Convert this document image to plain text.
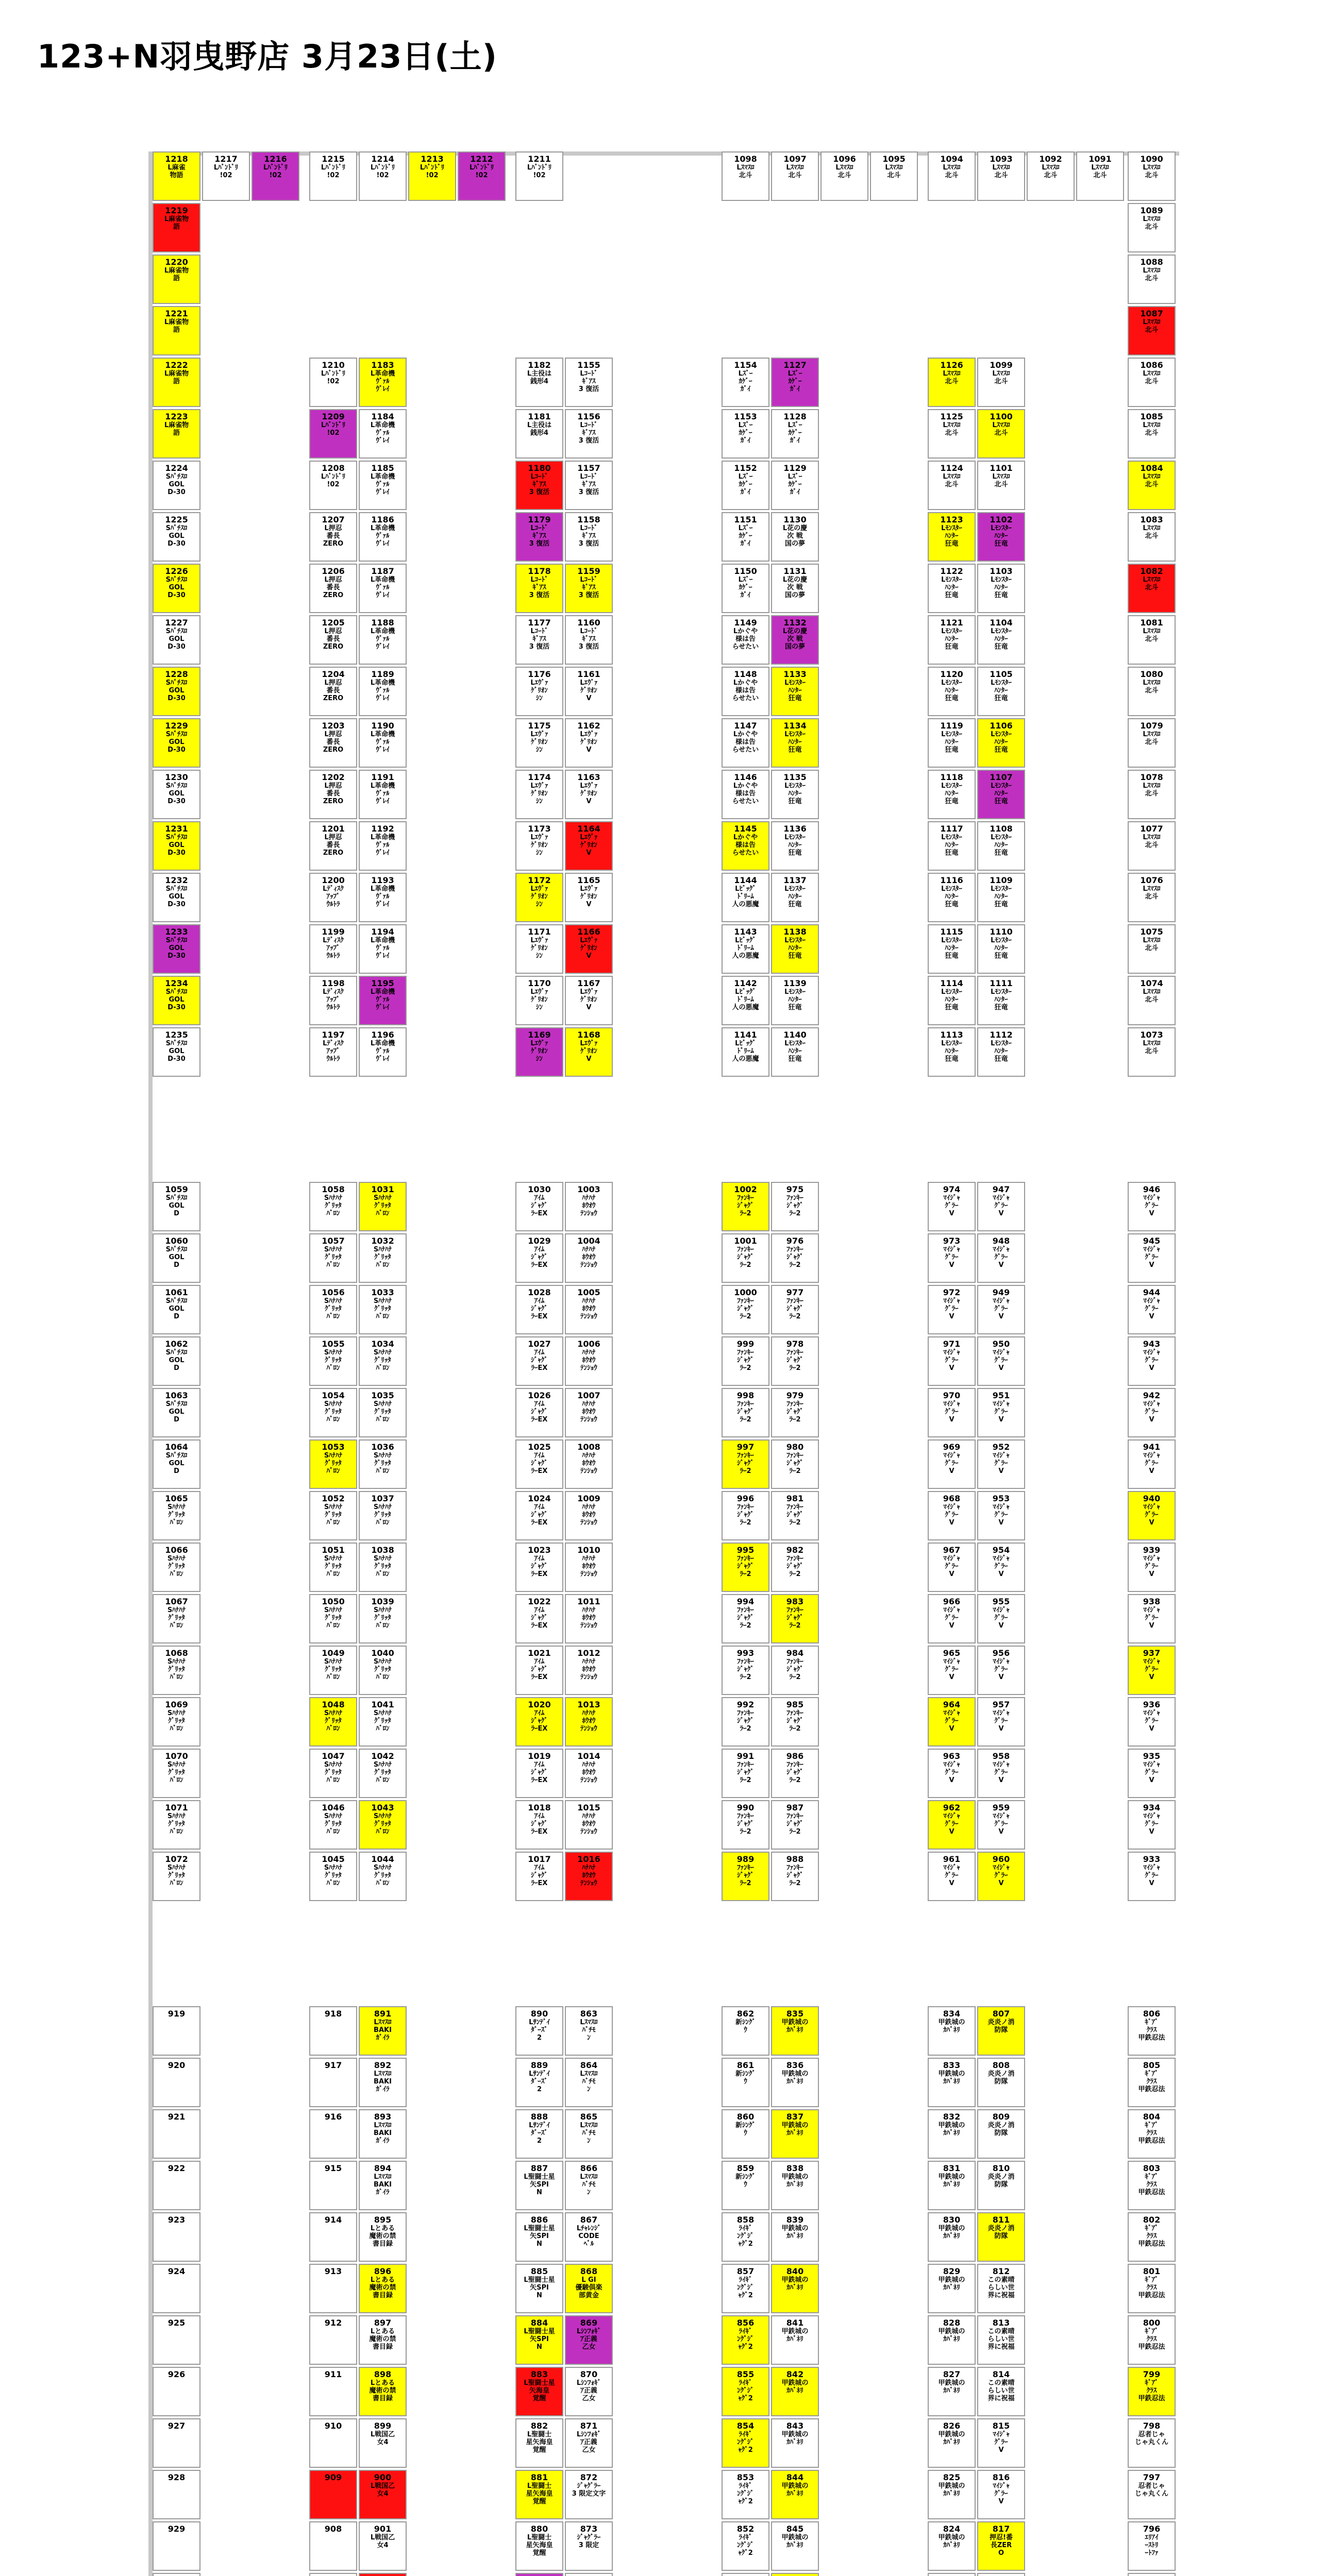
123+N羽曳野店 3月23日(土)
1218
L麻雀
物語
1217
Lﾊﾞﾝﾄﾞﾘ
!02
1216
Lﾊﾞﾝﾄﾞﾘ
!02
1215
Lﾊﾞﾝﾄﾞﾘ
!02
1214
Lﾊﾞﾝﾄﾞﾘ
!02
1213
Lﾊﾞﾝﾄﾞﾘ
!02
1212
Lﾊﾞﾝﾄﾞﾘ
!02
1211
Lﾊﾞﾝﾄﾞﾘ
!02
1098
Lｽﾏｽﾛ
北斗
1097
Lｽﾏｽﾛ
北斗
1096
Lｽﾏｽﾛ
北斗
1095
Lｽﾏｽﾛ
北斗
1094
Lｽﾏｽﾛ
北斗
1093
Lｽﾏｽﾛ
北斗
1092
Lｽﾏｽﾛ
北斗
1091
Lｽﾏｽﾛ
北斗
1090
Lｽﾏｽﾛ
北斗
1219
L麻雀物
語
1089
Lｽﾏｽﾛ
北斗
1220
L麻雀物
語
1088
Lｽﾏｽﾛ
北斗
1221
L麻雀物
語
1087
Lｽﾏｽﾛ
北斗
1222
L麻雀物
語
1210
Lﾊﾞﾝﾄﾞﾘ
!02
1183
L革命機
ｳﾞｧﾙ
ｳﾞﾚｲ
1182
L主役は
銭形4
1155
Lｺｰﾄﾞ
ｷﾞｱｽ
3 復活
1154
Lｽﾞｰ
ｶｹﾞｰ
ｶﾞｲ
1127
Lｽﾞｰ
ｶｹﾞｰ
ｶﾞｲ
1126
Lｽﾏｽﾛ
北斗
1099
Lｽﾏｽﾛ
北斗
1086
Lｽﾏｽﾛ
北斗
1223
L麻雀物
語
1209
Lﾊﾞﾝﾄﾞﾘ
!02
1184
L革命機
ｳﾞｧﾙ
ｳﾞﾚｲ
1181
L主役は
銭形4
1156
Lｺｰﾄﾞ
ｷﾞｱｽ
3 復活
1153
Lｽﾞｰ
ｶｹﾞｰ
ｶﾞｲ
1128
Lｽﾞｰ
ｶｹﾞｰ
ｶﾞｲ
1125
Lｽﾏｽﾛ
北斗
1100
Lｽﾏｽﾛ
北斗
1085
Lｽﾏｽﾛ
北斗
1224
Sﾊﾟﾁｽﾛ
GOL
D-30
1208
Lﾊﾞﾝﾄﾞﾘ
!02
1185
L革命機
ｳﾞｧﾙ
ｳﾞﾚｲ
1180
Lｺｰﾄﾞ
ｷﾞｱｽ
3 復活
1157
Lｺｰﾄﾞ
ｷﾞｱｽ
3 復活
1152
Lｽﾞｰ
ｶｹﾞｰ
ｶﾞｲ
1129
Lｽﾞｰ
ｶｹﾞｰ
ｶﾞｲ
1124
Lｽﾏｽﾛ
北斗
1101
Lｽﾏｽﾛ
北斗
1084
Lｽﾏｽﾛ
北斗
1225
Sﾊﾟﾁｽﾛ
GOL
D-30
1207
L押忍
番長
ZERO
1186
L革命機
ｳﾞｧﾙ
ｳﾞﾚｲ
1179
Lｺｰﾄﾞ
ｷﾞｱｽ
3 復活
1158
Lｺｰﾄﾞ
ｷﾞｱｽ
3 復活
1151
Lｽﾞｰ
ｶｹﾞｰ
ｶﾞｲ
1130
L花の慶
次 戦
国の夢
1123
Lﾓﾝｽﾀｰ
ﾊﾝﾀｰ
狂竜
1102
Lﾓﾝｽﾀｰ
ﾊﾝﾀｰ
狂竜
1083
Lｽﾏｽﾛ
北斗
1226
Sﾊﾟﾁｽﾛ
GOL
D-30
1206
L押忍
番長
ZERO
1187
L革命機
ｳﾞｧﾙ
ｳﾞﾚｲ
1178
Lｺｰﾄﾞ
ｷﾞｱｽ
3 復活
1159
Lｺｰﾄﾞ
ｷﾞｱｽ
3 復活
1150
Lｽﾞｰ
ｶｹﾞｰ
ｶﾞｲ
1131
L花の慶
次 戦
国の夢
1122
Lﾓﾝｽﾀｰ
ﾊﾝﾀｰ
狂竜
1103
Lﾓﾝｽﾀｰ
ﾊﾝﾀｰ
狂竜
1082
Lｽﾏｽﾛ
北斗
1227
Sﾊﾟﾁｽﾛ
GOL
D-30
1205
L押忍
番長
ZERO
1188
L革命機
ｳﾞｧﾙ
ｳﾞﾚｲ
1177
Lｺｰﾄﾞ
ｷﾞｱｽ
3 復活
1160
Lｺｰﾄﾞ
ｷﾞｱｽ
3 復活
1149
Lかぐや
様は告
らせたい
1132
L花の慶
次 戦
国の夢
1121
Lﾓﾝｽﾀｰ
ﾊﾝﾀｰ
狂竜
1104
Lﾓﾝｽﾀｰ
ﾊﾝﾀｰ
狂竜
1081
Lｽﾏｽﾛ
北斗
1228
Sﾊﾟﾁｽﾛ
GOL
D-30
1204
L押忍
番長
ZERO
1189
L革命機
ｳﾞｧﾙ
ｳﾞﾚｲ
1176
Lｴｳﾞｧ
ｹﾞﾘｵﾝ
ｼﾝ
1161
Lｴｳﾞｧ
ｹﾞﾘｵﾝ
V
1148
Lかぐや
様は告
らせたい
1133
Lﾓﾝｽﾀｰ
ﾊﾝﾀｰ
狂竜
1120
Lﾓﾝｽﾀｰ
ﾊﾝﾀｰ
狂竜
1105
Lﾓﾝｽﾀｰ
ﾊﾝﾀｰ
狂竜
1080
Lｽﾏｽﾛ
北斗
1229
Sﾊﾟﾁｽﾛ
GOL
D-30
1203
L押忍
番長
ZERO
1190
L革命機
ｳﾞｧﾙ
ｳﾞﾚｲ
1175
Lｴｳﾞｧ
ｹﾞﾘｵﾝ
ｼﾝ
1162
Lｴｳﾞｧ
ｹﾞﾘｵﾝ
V
1147
Lかぐや
様は告
らせたい
1134
Lﾓﾝｽﾀｰ
ﾊﾝﾀｰ
狂竜
1119
Lﾓﾝｽﾀｰ
ﾊﾝﾀｰ
狂竜
1106
Lﾓﾝｽﾀｰ
ﾊﾝﾀｰ
狂竜
1079
Lｽﾏｽﾛ
北斗
1230
Sﾊﾟﾁｽﾛ
GOL
D-30
1202
L押忍
番長
ZERO
1191
L革命機
ｳﾞｧﾙ
ｳﾞﾚｲ
1174
Lｴｳﾞｧ
ｹﾞﾘｵﾝ
ｼﾝ
1163
Lｴｳﾞｧ
ｹﾞﾘｵﾝ
V
1146
Lかぐや
様は告
らせたい
1135
Lﾓﾝｽﾀｰ
ﾊﾝﾀｰ
狂竜
1118
Lﾓﾝｽﾀｰ
ﾊﾝﾀｰ
狂竜
1107
Lﾓﾝｽﾀｰ
ﾊﾝﾀｰ
狂竜
1078
Lｽﾏｽﾛ
北斗
1231
Sﾊﾟﾁｽﾛ
GOL
D-30
1201
L押忍
番長
ZERO
1192
L革命機
ｳﾞｧﾙ
ｳﾞﾚｲ
1173
Lｴｳﾞｧ
ｹﾞﾘｵﾝ
ｼﾝ
1164
Lｴｳﾞｧ
ｹﾞﾘｵﾝ
V
1145
Lかぐや
様は告
らせたい
1136
Lﾓﾝｽﾀｰ
ﾊﾝﾀｰ
狂竜
1117
Lﾓﾝｽﾀｰ
ﾊﾝﾀｰ
狂竜
1108
Lﾓﾝｽﾀｰ
ﾊﾝﾀｰ
狂竜
1077
Lｽﾏｽﾛ
北斗
1232
Sﾊﾟﾁｽﾛ
GOL
D-30
1200
Lﾃﾞｨｽｸ
ｱｯﾌﾟ
ｳﾙﾄﾗ
1193
L革命機
ｳﾞｧﾙ
ｳﾞﾚｲ
1172
Lｴｳﾞｧ
ｹﾞﾘｵﾝ
ｼﾝ
1165
Lｴｳﾞｧ
ｹﾞﾘｵﾝ
V
1144
Lﾋﾞｯｸﾞ
ﾄﾞﾘｰﾑ
人の悪魔
1137
Lﾓﾝｽﾀｰ
ﾊﾝﾀｰ
狂竜
1116
Lﾓﾝｽﾀｰ
ﾊﾝﾀｰ
狂竜
1109
Lﾓﾝｽﾀｰ
ﾊﾝﾀｰ
狂竜
1076
Lｽﾏｽﾛ
北斗
1233
Sﾊﾟﾁｽﾛ
GOL
D-30
1199
Lﾃﾞｨｽｸ
ｱｯﾌﾟ
ｳﾙﾄﾗ
1194
L革命機
ｳﾞｧﾙ
ｳﾞﾚｲ
1171
Lｴｳﾞｧ
ｹﾞﾘｵﾝ
ｼﾝ
1166
Lｴｳﾞｧ
ｹﾞﾘｵﾝ
V
1143
Lﾋﾞｯｸﾞ
ﾄﾞﾘｰﾑ
人の悪魔
1138
Lﾓﾝｽﾀｰ
ﾊﾝﾀｰ
狂竜
1115
Lﾓﾝｽﾀｰ
ﾊﾝﾀｰ
狂竜
1110
Lﾓﾝｽﾀｰ
ﾊﾝﾀｰ
狂竜
1075
Lｽﾏｽﾛ
北斗
1234
Sﾊﾟﾁｽﾛ
GOL
D-30
1198
Lﾃﾞｨｽｸ
ｱｯﾌﾟ
ｳﾙﾄﾗ
1195
L革命機
ｳﾞｧﾙ
ｳﾞﾚｲ
1170
Lｴｳﾞｧ
ｹﾞﾘｵﾝ
ｼﾝ
1167
Lｴｳﾞｧ
ｹﾞﾘｵﾝ
V
1142
Lﾋﾞｯｸﾞ
ﾄﾞﾘｰﾑ
人の悪魔
1139
Lﾓﾝｽﾀｰ
ﾊﾝﾀｰ
狂竜
1114
Lﾓﾝｽﾀｰ
ﾊﾝﾀｰ
狂竜
1111
Lﾓﾝｽﾀｰ
ﾊﾝﾀｰ
狂竜
1074
Lｽﾏｽﾛ
北斗
1235
Sﾊﾟﾁｽﾛ
GOL
D-30
1197
Lﾃﾞｨｽｸ
ｱｯﾌﾟ
ｳﾙﾄﾗ
1196
L革命機
ｳﾞｧﾙ
ｳﾞﾚｲ
1169
Lｴｳﾞｧ
ｹﾞﾘｵﾝ
ｼﾝ
1168
Lｴｳﾞｧ
ｹﾞﾘｵﾝ
V
1141
Lﾋﾞｯｸﾞ
ﾄﾞﾘｰﾑ
人の悪魔
1140
Lﾓﾝｽﾀｰ
ﾊﾝﾀｰ
狂竜
1113
Lﾓﾝｽﾀｰ
ﾊﾝﾀｰ
狂竜
1112
Lﾓﾝｽﾀｰ
ﾊﾝﾀｰ
狂竜
1073
Lｽﾏｽﾛ
北斗
1059
Sﾊﾟﾁｽﾛ
GOL
D
1058
Sﾊﾅﾊﾅ
ｸﾞﾘｯﾀ
ﾊﾞﾛﾝ
1031
Sﾊﾅﾊﾅ
ｸﾞﾘｯﾀ
ﾊﾞﾛﾝ
1030
ｱｲﾑ
ｼﾞｬｸﾞ
ﾗｰEX
1003
ﾊﾅﾊﾅ
ﾎｳｵｳ
ﾃﾝｼｮｳ
1002
ﾌｧﾝｷｰ
ｼﾞｬｸﾞ
ﾗｰ2
975
ﾌｧﾝｷｰ
ｼﾞｬｸﾞ
ﾗｰ2
974
ﾏｲｼﾞｬ
ｸﾞﾗｰ
V
947
ﾏｲｼﾞｬ
ｸﾞﾗｰ
V
946
ﾏｲｼﾞｬ
ｸﾞﾗｰ
V
1060
Sﾊﾟﾁｽﾛ
GOL
D
1057
Sﾊﾅﾊﾅ
ｸﾞﾘｯﾀ
ﾊﾞﾛﾝ
1032
Sﾊﾅﾊﾅ
ｸﾞﾘｯﾀ
ﾊﾞﾛﾝ
1029
ｱｲﾑ
ｼﾞｬｸﾞ
ﾗｰEX
1004
ﾊﾅﾊﾅ
ﾎｳｵｳ
ﾃﾝｼｮｳ
1001
ﾌｧﾝｷｰ
ｼﾞｬｸﾞ
ﾗｰ2
976
ﾌｧﾝｷｰ
ｼﾞｬｸﾞ
ﾗｰ2
973
ﾏｲｼﾞｬ
ｸﾞﾗｰ
V
948
ﾏｲｼﾞｬ
ｸﾞﾗｰ
V
945
ﾏｲｼﾞｬ
ｸﾞﾗｰ
V
1061
Sﾊﾟﾁｽﾛ
GOL
D
1056
Sﾊﾅﾊﾅ
ｸﾞﾘｯﾀ
ﾊﾞﾛﾝ
1033
Sﾊﾅﾊﾅ
ｸﾞﾘｯﾀ
ﾊﾞﾛﾝ
1028
ｱｲﾑ
ｼﾞｬｸﾞ
ﾗｰEX
1005
ﾊﾅﾊﾅ
ﾎｳｵｳ
ﾃﾝｼｮｳ
1000
ﾌｧﾝｷｰ
ｼﾞｬｸﾞ
ﾗｰ2
977
ﾌｧﾝｷｰ
ｼﾞｬｸﾞ
ﾗｰ2
972
ﾏｲｼﾞｬ
ｸﾞﾗｰ
V
949
ﾏｲｼﾞｬ
ｸﾞﾗｰ
V
944
ﾏｲｼﾞｬ
ｸﾞﾗｰ
V
1062
Sﾊﾟﾁｽﾛ
GOL
D
1055
Sﾊﾅﾊﾅ
ｸﾞﾘｯﾀ
ﾊﾞﾛﾝ
1034
Sﾊﾅﾊﾅ
ｸﾞﾘｯﾀ
ﾊﾞﾛﾝ
1027
ｱｲﾑ
ｼﾞｬｸﾞ
ﾗｰEX
1006
ﾊﾅﾊﾅ
ﾎｳｵｳ
ﾃﾝｼｮｳ
999
ﾌｧﾝｷｰ
ｼﾞｬｸﾞ
ﾗｰ2
978
ﾌｧﾝｷｰ
ｼﾞｬｸﾞ
ﾗｰ2
971
ﾏｲｼﾞｬ
ｸﾞﾗｰ
V
950
ﾏｲｼﾞｬ
ｸﾞﾗｰ
V
943
ﾏｲｼﾞｬ
ｸﾞﾗｰ
V
1063
Sﾊﾟﾁｽﾛ
GOL
D
1054
Sﾊﾅﾊﾅ
ｸﾞﾘｯﾀ
ﾊﾞﾛﾝ
1035
Sﾊﾅﾊﾅ
ｸﾞﾘｯﾀ
ﾊﾞﾛﾝ
1026
ｱｲﾑ
ｼﾞｬｸﾞ
ﾗｰEX
1007
ﾊﾅﾊﾅ
ﾎｳｵｳ
ﾃﾝｼｮｳ
998
ﾌｧﾝｷｰ
ｼﾞｬｸﾞ
ﾗｰ2
979
ﾌｧﾝｷｰ
ｼﾞｬｸﾞ
ﾗｰ2
970
ﾏｲｼﾞｬ
ｸﾞﾗｰ
V
951
ﾏｲｼﾞｬ
ｸﾞﾗｰ
V
942
ﾏｲｼﾞｬ
ｸﾞﾗｰ
V
1064
Sﾊﾟﾁｽﾛ
GOL
D
1053
Sﾊﾅﾊﾅ
ｸﾞﾘｯﾀ
ﾊﾞﾛﾝ
1036
Sﾊﾅﾊﾅ
ｸﾞﾘｯﾀ
ﾊﾞﾛﾝ
1025
ｱｲﾑ
ｼﾞｬｸﾞ
ﾗｰEX
1008
ﾊﾅﾊﾅ
ﾎｳｵｳ
ﾃﾝｼｮｳ
997
ﾌｧﾝｷｰ
ｼﾞｬｸﾞ
ﾗｰ2
980
ﾌｧﾝｷｰ
ｼﾞｬｸﾞ
ﾗｰ2
969
ﾏｲｼﾞｬ
ｸﾞﾗｰ
V
952
ﾏｲｼﾞｬ
ｸﾞﾗｰ
V
941
ﾏｲｼﾞｬ
ｸﾞﾗｰ
V
1065
Sﾊﾅﾊﾅ
ｸﾞﾘｯﾀ
ﾊﾞﾛﾝ
1052
Sﾊﾅﾊﾅ
ｸﾞﾘｯﾀ
ﾊﾞﾛﾝ
1037
Sﾊﾅﾊﾅ
ｸﾞﾘｯﾀ
ﾊﾞﾛﾝ
1024
ｱｲﾑ
ｼﾞｬｸﾞ
ﾗｰEX
1009
ﾊﾅﾊﾅ
ﾎｳｵｳ
ﾃﾝｼｮｳ
996
ﾌｧﾝｷｰ
ｼﾞｬｸﾞ
ﾗｰ2
981
ﾌｧﾝｷｰ
ｼﾞｬｸﾞ
ﾗｰ2
968
ﾏｲｼﾞｬ
ｸﾞﾗｰ
V
953
ﾏｲｼﾞｬ
ｸﾞﾗｰ
V
940
ﾏｲｼﾞｬ
ｸﾞﾗｰ
V
1066
Sﾊﾅﾊﾅ
ｸﾞﾘｯﾀ
ﾊﾞﾛﾝ
1051
Sﾊﾅﾊﾅ
ｸﾞﾘｯﾀ
ﾊﾞﾛﾝ
1038
Sﾊﾅﾊﾅ
ｸﾞﾘｯﾀ
ﾊﾞﾛﾝ
1023
ｱｲﾑ
ｼﾞｬｸﾞ
ﾗｰEX
1010
ﾊﾅﾊﾅ
ﾎｳｵｳ
ﾃﾝｼｮｳ
995
ﾌｧﾝｷｰ
ｼﾞｬｸﾞ
ﾗｰ2
982
ﾌｧﾝｷｰ
ｼﾞｬｸﾞ
ﾗｰ2
967
ﾏｲｼﾞｬ
ｸﾞﾗｰ
V
954
ﾏｲｼﾞｬ
ｸﾞﾗｰ
V
939
ﾏｲｼﾞｬ
ｸﾞﾗｰ
V
1067
Sﾊﾅﾊﾅ
ｸﾞﾘｯﾀ
ﾊﾞﾛﾝ
1050
Sﾊﾅﾊﾅ
ｸﾞﾘｯﾀ
ﾊﾞﾛﾝ
1039
Sﾊﾅﾊﾅ
ｸﾞﾘｯﾀ
ﾊﾞﾛﾝ
1022
ｱｲﾑ
ｼﾞｬｸﾞ
ﾗｰEX
1011
ﾊﾅﾊﾅ
ﾎｳｵｳ
ﾃﾝｼｮｳ
994
ﾌｧﾝｷｰ
ｼﾞｬｸﾞ
ﾗｰ2
983
ﾌｧﾝｷｰ
ｼﾞｬｸﾞ
ﾗｰ2
966
ﾏｲｼﾞｬ
ｸﾞﾗｰ
V
955
ﾏｲｼﾞｬ
ｸﾞﾗｰ
V
938
ﾏｲｼﾞｬ
ｸﾞﾗｰ
V
1068
Sﾊﾅﾊﾅ
ｸﾞﾘｯﾀ
ﾊﾞﾛﾝ
1049
Sﾊﾅﾊﾅ
ｸﾞﾘｯﾀ
ﾊﾞﾛﾝ
1040
Sﾊﾅﾊﾅ
ｸﾞﾘｯﾀ
ﾊﾞﾛﾝ
1021
ｱｲﾑ
ｼﾞｬｸﾞ
ﾗｰEX
1012
ﾊﾅﾊﾅ
ﾎｳｵｳ
ﾃﾝｼｮｳ
993
ﾌｧﾝｷｰ
ｼﾞｬｸﾞ
ﾗｰ2
984
ﾌｧﾝｷｰ
ｼﾞｬｸﾞ
ﾗｰ2
965
ﾏｲｼﾞｬ
ｸﾞﾗｰ
V
956
ﾏｲｼﾞｬ
ｸﾞﾗｰ
V
937
ﾏｲｼﾞｬ
ｸﾞﾗｰ
V
1069
Sﾊﾅﾊﾅ
ｸﾞﾘｯﾀ
ﾊﾞﾛﾝ
1048
Sﾊﾅﾊﾅ
ｸﾞﾘｯﾀ
ﾊﾞﾛﾝ
1041
Sﾊﾅﾊﾅ
ｸﾞﾘｯﾀ
ﾊﾞﾛﾝ
1020
ｱｲﾑ
ｼﾞｬｸﾞ
ﾗｰEX
1013
ﾊﾅﾊﾅ
ﾎｳｵｳ
ﾃﾝｼｮｳ
992
ﾌｧﾝｷｰ
ｼﾞｬｸﾞ
ﾗｰ2
985
ﾌｧﾝｷｰ
ｼﾞｬｸﾞ
ﾗｰ2
964
ﾏｲｼﾞｬ
ｸﾞﾗｰ
V
957
ﾏｲｼﾞｬ
ｸﾞﾗｰ
V
936
ﾏｲｼﾞｬ
ｸﾞﾗｰ
V
1070
Sﾊﾅﾊﾅ
ｸﾞﾘｯﾀ
ﾊﾞﾛﾝ
1047
Sﾊﾅﾊﾅ
ｸﾞﾘｯﾀ
ﾊﾞﾛﾝ
1042
Sﾊﾅﾊﾅ
ｸﾞﾘｯﾀ
ﾊﾞﾛﾝ
1019
ｱｲﾑ
ｼﾞｬｸﾞ
ﾗｰEX
1014
ﾊﾅﾊﾅ
ﾎｳｵｳ
ﾃﾝｼｮｳ
991
ﾌｧﾝｷｰ
ｼﾞｬｸﾞ
ﾗｰ2
986
ﾌｧﾝｷｰ
ｼﾞｬｸﾞ
ﾗｰ2
963
ﾏｲｼﾞｬ
ｸﾞﾗｰ
V
958
ﾏｲｼﾞｬ
ｸﾞﾗｰ
V
935
ﾏｲｼﾞｬ
ｸﾞﾗｰ
V
1071
Sﾊﾅﾊﾅ
ｸﾞﾘｯﾀ
ﾊﾞﾛﾝ
1046
Sﾊﾅﾊﾅ
ｸﾞﾘｯﾀ
ﾊﾞﾛﾝ
1043
Sﾊﾅﾊﾅ
ｸﾞﾘｯﾀ
ﾊﾞﾛﾝ
1018
ｱｲﾑ
ｼﾞｬｸﾞ
ﾗｰEX
1015
ﾊﾅﾊﾅ
ﾎｳｵｳ
ﾃﾝｼｮｳ
990
ﾌｧﾝｷｰ
ｼﾞｬｸﾞ
ﾗｰ2
987
ﾌｧﾝｷｰ
ｼﾞｬｸﾞ
ﾗｰ2
962
ﾏｲｼﾞｬ
ｸﾞﾗｰ
V
959
ﾏｲｼﾞｬ
ｸﾞﾗｰ
V
934
ﾏｲｼﾞｬ
ｸﾞﾗｰ
V
1072
Sﾊﾅﾊﾅ
ｸﾞﾘｯﾀ
ﾊﾞﾛﾝ
1045
Sﾊﾅﾊﾅ
ｸﾞﾘｯﾀ
ﾊﾞﾛﾝ
1044
Sﾊﾅﾊﾅ
ｸﾞﾘｯﾀ
ﾊﾞﾛﾝ
1017
ｱｲﾑ
ｼﾞｬｸﾞ
ﾗｰEX
1016
ﾊﾅﾊﾅ
ﾎｳｵｳ
ﾃﾝｼｮｳ
989
ﾌｧﾝｷｰ
ｼﾞｬｸﾞ
ﾗｰ2
988
ﾌｧﾝｷｰ
ｼﾞｬｸﾞ
ﾗｰ2
961
ﾏｲｼﾞｬ
ｸﾞﾗｰ
V
960
ﾏｲｼﾞｬ
ｸﾞﾗｰ
V
933
ﾏｲｼﾞｬ
ｸﾞﾗｰ
V
919	918	891
Lｽﾏｽﾛ
BAKI
ｶﾞｲﾗ
890
Lｻﾝﾃﾞｲ
ﾀﾞｰｽﾞ
2
863
Lｽﾏｽﾛ
ﾊﾞﾁﾓ
ﾝ
862
新ｼﾝｸﾞ
ｳ
835
甲鉄城の
ｶﾊﾞﾈﾘ
834
甲鉄城の
ｶﾊﾞﾈﾘ
807
炎炎ノ消
防隊
806
ｷﾞｱﾞ
ｸﾗｽ
甲鉄忍法
920	917	892
Lｽﾏｽﾛ
BAKI
ｶﾞｲﾗ
889
Lｻﾝﾃﾞｲ
ﾀﾞｰｽﾞ
2
864
Lｽﾏｽﾛ
ﾊﾞﾁﾓ
ﾝ
861
新ｼﾝｸﾞ
ｳ
836
甲鉄城の
ｶﾊﾞﾈﾘ
833
甲鉄城の
ｶﾊﾞﾈﾘ
808
炎炎ノ消
防隊
805
ｷﾞｱﾞ
ｸﾗｽ
甲鉄忍法
921	916	893
Lｽﾏｽﾛ
BAKI
ｶﾞｲﾗ
888
Lｻﾝﾃﾞｲ
ﾀﾞｰｽﾞ
2
865
Lｽﾏｽﾛ
ﾊﾞﾁﾓ
ﾝ
860
新ｼﾝｸﾞ
ｳ
837
甲鉄城の
ｶﾊﾞﾈﾘ
832
甲鉄城の
ｶﾊﾞﾈﾘ
809
炎炎ノ消
防隊
804
ｷﾞｱﾞ
ｸﾗｽ
甲鉄忍法
922	915	894
Lｽﾏｽﾛ
BAKI
ｶﾞｲﾗ
887
L聖闘士星
矢SPI
N
866
Lｽﾏｽﾛ
ﾊﾞﾁﾓ
ﾝ
859
新ｼﾝｸﾞ
ｳ
838
甲鉄城の
ｶﾊﾞﾈﾘ
831
甲鉄城の
ｶﾊﾞﾈﾘ
810
炎炎ノ消
防隊
803
ｷﾞｱﾞ
ｸﾗｽ
甲鉄忍法
923	914	895
Lとある
魔術の禁
書目録
886
L聖闘士星
矢SPI
N
867
Lﾁｬﾚﾝｼﾞ
CODE
ﾍﾞﾙ
858
ﾗｲｷﾞ
ﾝｸﾞｼﾞ
ｬｸﾞ2
839
甲鉄城の
ｶﾊﾞﾈﾘ
830
甲鉄城の
ｶﾊﾞﾈﾘ
811
炎炎ノ消
防隊
802
ｷﾞｱﾞ
ｸﾗｽ
甲鉄忍法
924	913	896
Lとある
魔術の禁
書目録
885
L聖闘士星
矢SPI
N
868
L GI
優駿倶楽
部黄金
857
ﾗｲｷﾞ
ﾝｸﾞｼﾞ
ｬｸﾞ2
840
甲鉄城の
ｶﾊﾞﾈﾘ
829
甲鉄城の
ｶﾊﾞﾈﾘ
812
この素晴
らしい世
界に祝福
801
ｷﾞｱﾞ
ｸﾗｽ
甲鉄忍法
925	912	897
Lとある
魔術の禁
書目録
884
L聖闘士星
矢SPI
N
869
Lｼﾝﾌｫｷﾞ
ｱ正義
乙女
856
ﾗｲｷﾞ
ﾝｸﾞｼﾞ
ｬｸﾞ2
841
甲鉄城の
ｶﾊﾞﾈﾘ
828
甲鉄城の
ｶﾊﾞﾈﾘ
813
この素晴
らしい世
界に祝福
800
ｷﾞｱﾞ
ｸﾗｽ
甲鉄忍法
926	911	898
Lとある
魔術の禁
書目録
883
L聖闘士星
矢海皇
覚醒
870
Lｼﾝﾌｫｷﾞ
ｱ正義
乙女
855
ﾗｲｷﾞ
ﾝｸﾞｼﾞ
ｬｸﾞ2
842
甲鉄城の
ｶﾊﾞﾈﾘ
827
甲鉄城の
ｶﾊﾞﾈﾘ
814
この素晴
らしい世
界に祝福
799
ｷﾞｱﾞ
ｸﾗｽ
甲鉄忍法
927	910	899
L戦国乙
女4
882
L聖闘士
星矢海皇
覚醒
871
Lｼﾝﾌｫｷﾞ
ｱ正義
乙女
854
ﾗｲｷﾞ
ﾝｸﾞｼﾞ
ｬｸﾞ2
843
甲鉄城の
ｶﾊﾞﾈﾘ
826
甲鉄城の
ｶﾊﾞﾈﾘ
815
ﾏｲｼﾞｬ
ｸﾞﾗｰ
V
798
忍者じゃ
じゃ丸くん
928	909	900
L戦国乙
女4
881
L聖闘士
星矢海皇
覚醒
872
ｼﾞｬｸﾞﾗｰ
3 限定文字
853
ﾗｲｷﾞ
ﾝｸﾞｼﾞ
ｬｸﾞ2
844
甲鉄城の
ｶﾊﾞﾈﾘ
825
甲鉄城の
ｶﾊﾞﾈﾘ
816
ﾏｲｼﾞｬ
ｸﾞﾗｰ
V
797
忍者じゃ
じゃ丸くん
929	908	901
L戦国乙
女4
880
L聖闘士
星矢海皇
覚醒
873
ｼﾞｬｸﾞﾗｰ
3 限定
852
ﾗｲｷﾞ
ﾝｸﾞｼﾞ
ｬｸﾞ2
845
甲鉄城の
ｶﾊﾞﾈﾘ
824
甲鉄城の
ｶﾊﾞﾈﾘ
817
押忍!番
長ZER
O
796
ｴﾘｱｲ
ｰｽﾄﾘ
ｰﾄﾌｧ
